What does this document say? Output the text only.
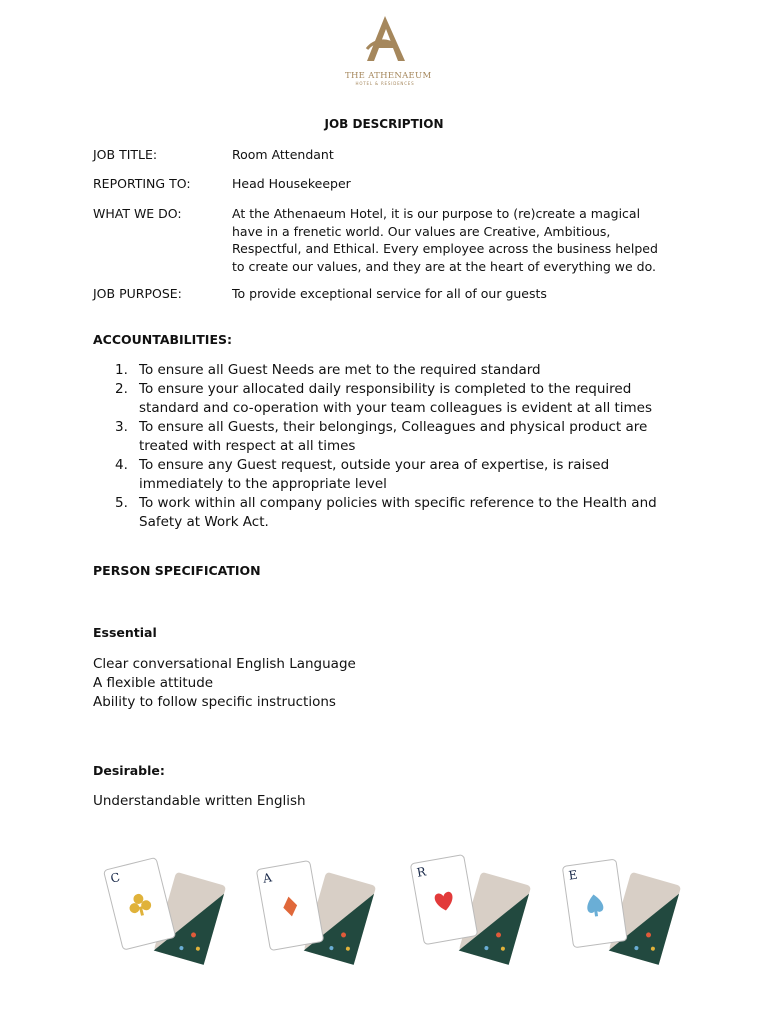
THE ATHENAEUM
HOTEL & RESIDENCES
JOB DESCRIPTION
JOB TITLE:	Room Attendant
REPORTING TO:	Head Housekeeper
WHAT WE DO:	At the Athenaeum Hotel, it is our purpose to (re)create a magical have in a frenetic world. Our values are Creative, Ambitious, Respectful, and Ethical. Every employee across the business helped to create our values, and they are at the heart of everything we do.
JOB PURPOSE:	To provide exceptional service for all of our guests
ACCOUNTABILITIES:
1. To ensure all Guest Needs are met to the required standard
2. To ensure your allocated daily responsibility is completed to the required standard and co-operation with your team colleagues is evident at all times
3. To ensure all Guests, their belongings, Colleagues and physical product are treated with respect at all times
4. To ensure any Guest request, outside your area of expertise, is raised immediately to the appropriate level
5. To work within all company policies with specific reference to the Health and Safety at Work Act.
PERSON SPECIFICATION
Essential
Clear conversational English Language
A flexible attitude
Ability to follow specific instructions
Desirable:
Understandable written English
C	A	R	E
